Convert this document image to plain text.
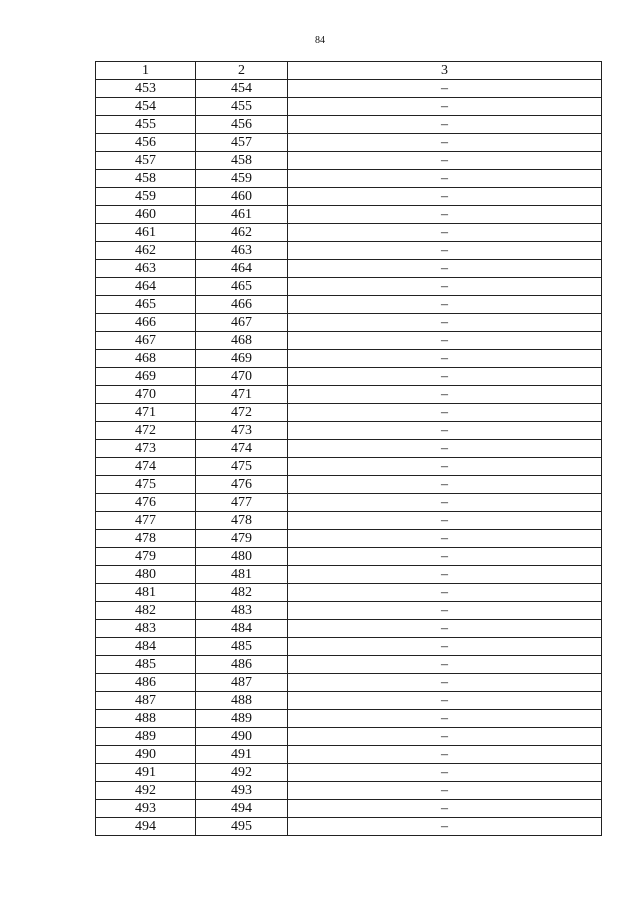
84
1	2	3
453	454	–
454	455	–
455	456	–
456	457	–
457	458	–
458	459	–
459	460	–
460	461	–
461	462	–
462	463	–
463	464	–
464	465	–
465	466	–
466	467	–
467	468	–
468	469	–
469	470	–
470	471	–
471	472	–
472	473	–
473	474	–
474	475	–
475	476	–
476	477	–
477	478	–
478	479	–
479	480	–
480	481	–
481	482	–
482	483	–
483	484	–
484	485	–
485	486	–
486	487	–
487	488	–
488	489	–
489	490	–
490	491	–
491	492	–
492	493	–
493	494	–
494	495	–
